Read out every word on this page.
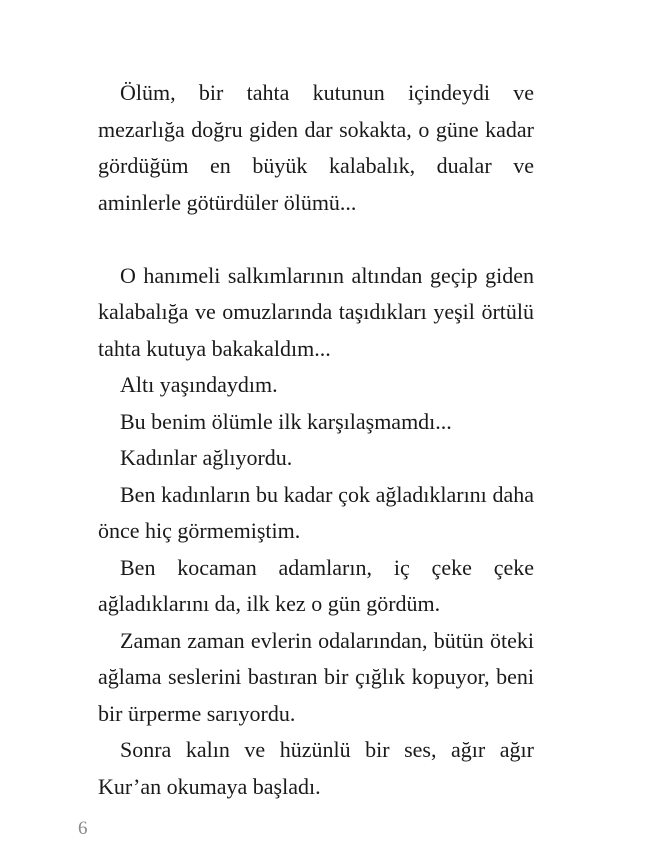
Ölüm, bir tahta kutunun içindeydi ve mezarlığa doğru giden dar sokakta, o güne kadar gördüğüm en büyük kalabalık, dualar ve aminlerle götürdüler ölümü...

O hanımeli salkımlarının altından geçip giden kalabalığa ve omuzlarında taşıdıkları yeşil örtülü tahta kutuya bakakaldım...

Altı yaşındaydım.

Bu benim ölümle ilk karşılaşmamdı...

Kadınlar ağlıyordu.

Ben kadınların bu kadar çok ağladıklarını daha önce hiç görmemiştim.

Ben kocaman adamların, iç çeke çeke ağladıklarını da, ilk kez o gün gördüm.

Zaman zaman evlerin odalarından, bütün öteki ağlama seslerini bastıran bir çığlık kopuyor, beni bir ürperme sarıyordu.

Sonra kalın ve hüzünlü bir ses, ağır ağır Kur’an okumaya başladı.

6
